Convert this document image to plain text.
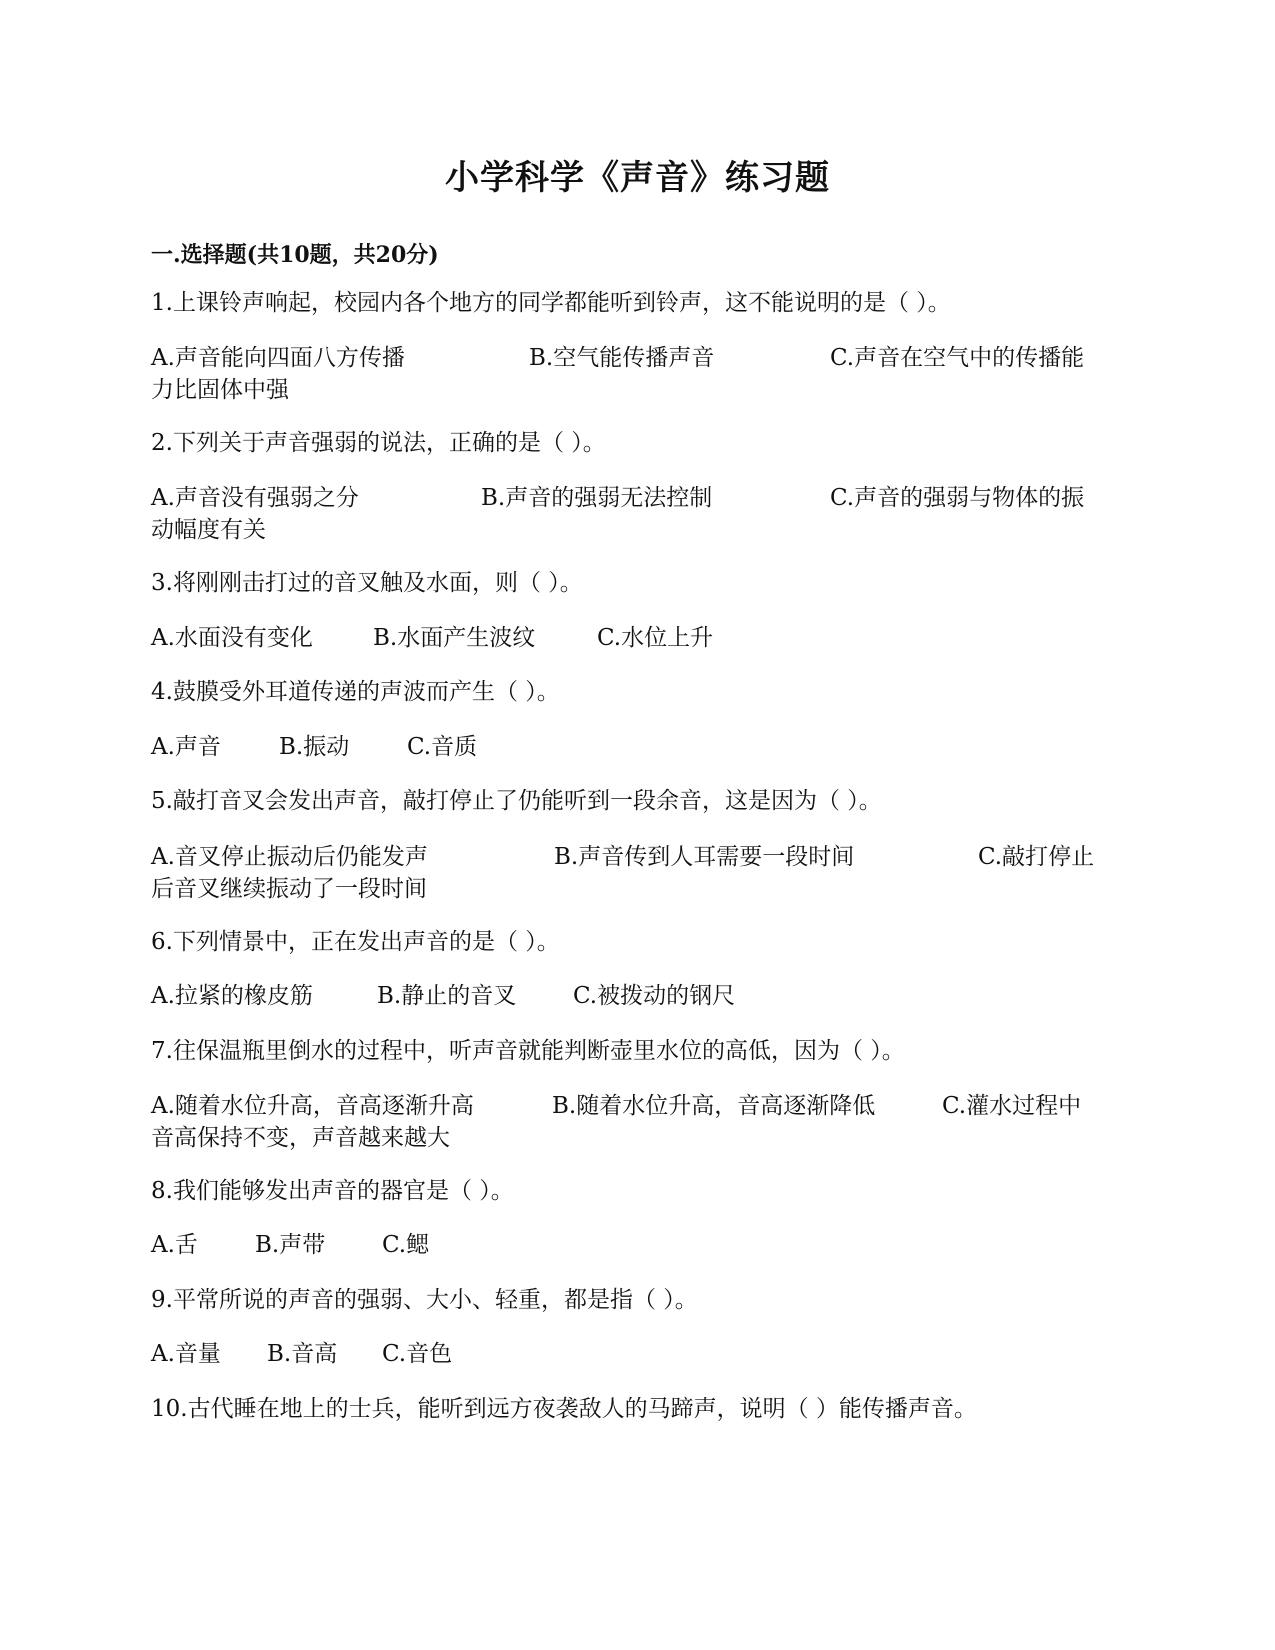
小学科学《声音》练习题
一.选择题(共10题，共20分)
1.上课铃声响起，校园内各个地方的同学都能听到铃声，这不能说明的是（ ）。
A.声音能向四面八方传播	B.空气能传播声音	C.声音在空气中的传播能
力比固体中强
2.下列关于声音强弱的说法，正确的是（ ）。
A.声音没有强弱之分	B.声音的强弱无法控制	C.声音的强弱与物体的振
动幅度有关
3.将刚刚击打过的音叉触及水面，则（ ）。
A.水面没有变化	B.水面产生波纹	C.水位上升
4.鼓膜受外耳道传递的声波而产生（ ）。
A.声音	B.振动	C.音质
5.敲打音叉会发出声音，敲打停止了仍能听到一段余音，这是因为（ ）。
A.音叉停止振动后仍能发声	B.声音传到人耳需要一段时间	C.敲打停止
后音叉继续振动了一段时间
6.下列情景中，正在发出声音的是（ ）。
A.拉紧的橡皮筋	B.静止的音叉 C.被拨动的钢尺
7.往保温瓶里倒水的过程中，听声音就能判断壶里水位的高低，因为（ ）。
A.随着水位升高，音高逐渐升高	B.随着水位升高，音高逐渐降低	C.灌水过程中
音高保持不变，声音越来越大
8.我们能够发出声音的器官是（ ）。
A.舌 B.声带 C.鳃
9.平常所说的声音的强弱、大小、轻重，都是指（ ）。
A.音量 B.音高 C.音色
10.古代睡在地上的士兵，能听到远方夜袭敌人的马蹄声，说明（ ）能传播声音。
